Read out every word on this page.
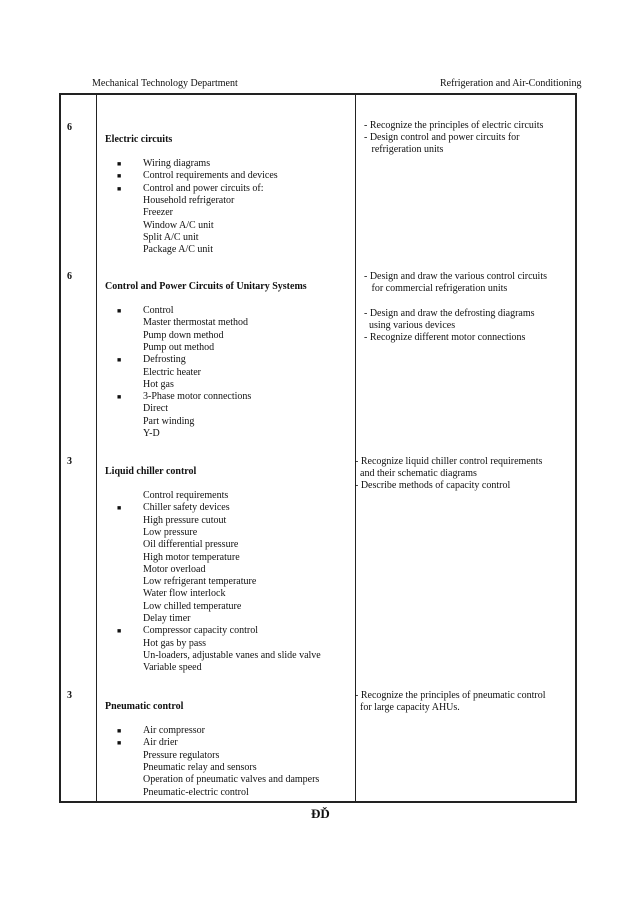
Mechanical Technology Department	Refrigeration and Air-Conditioning
6
Electric circuits
■ Wiring diagrams
■ Control requirements and devices
■ Control and power circuits of:
Household refrigerator
Freezer
Window A/C unit
Split A/C unit
Package A/C unit
- Recognize the principles of electric circuits
- Design control and power circuits for
refrigeration units
6
Control and Power Circuits of Unitary Systems
■ Control
Master thermostat method
Pump down method
Pump out method
■ Defrosting
Electric heater
Hot gas
■ 3-Phase motor connections
Direct
Part winding
Y-D
- Design and draw the various control circuits
for commercial refrigeration units
- Design and draw the defrosting diagrams
using various devices
- Recognize different motor connections
3
Liquid chiller control
Control requirements
■ Chiller safety devices
High pressure cutout
Low pressure
Oil differential pressure
High motor temperature
Motor overload
Low refrigerant temperature
Water flow interlock
Low chilled temperature
Delay timer
■ Compressor capacity control
Hot gas by pass
Un-loaders, adjustable vanes and slide valve
Variable speed
- Recognize liquid chiller control requirements
and their schematic diagrams
- Describe methods of capacity control
3
Pneumatic control
■ Air compressor
■ Air drier
Pressure regulators
Pneumatic relay and sensors
Operation of pneumatic valves and dampers
Pneumatic-electric control
- Recognize the principles of pneumatic control
for large capacity AHUs.
ĐĎ
